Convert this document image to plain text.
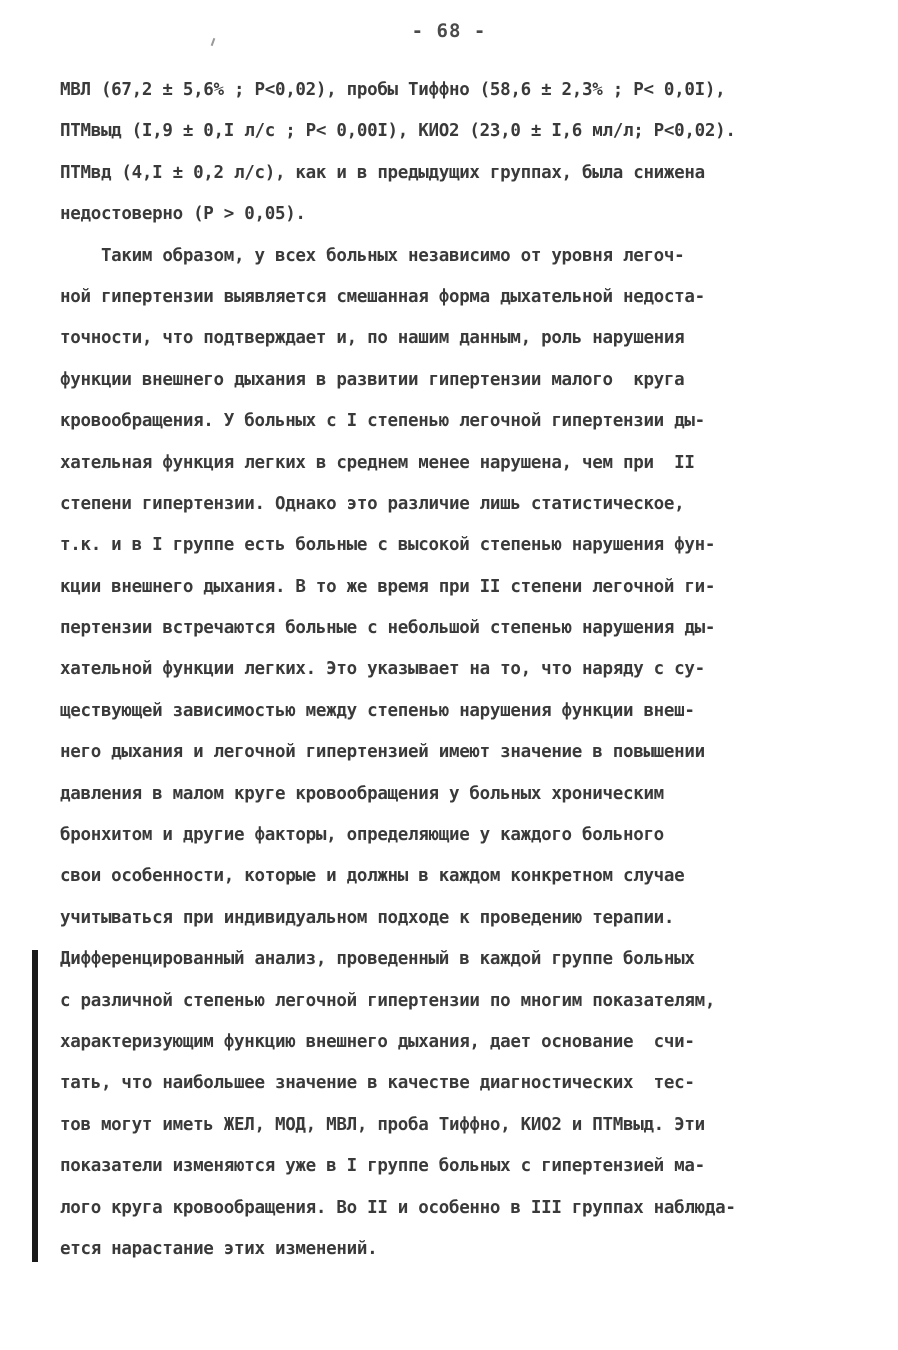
- 68 -
МВЛ (67,2 ± 5,6% ; P<0,02), пробы Тиффно (58,6 ± 2,3% ; P< 0,0I),
ПТМвыд (I,9 ± 0,I л/с ; P< 0,00I), КИО2 (23,0 ± I,6 мл/л; P<0,02).
ПТМвд (4,I ± 0,2 л/с), как и в предыдущих группах, была снижена
недостоверно (P > 0,05).
Таким образом, у всех больных независимо от уровня легоч-
ной гипертензии выявляется смешанная форма дыхательной недоста-
точности, что подтверждает и, по нашим данным, роль нарушения
функции внешнего дыхания в развитии гипертензии малого  круга
кровообращения. У больных с I степенью легочной гипертензии ды-
хательная функция легких в среднем менее нарушена, чем при  II
степени гипертензии. Однако это различие лишь статистическое,
т.к. и в I группе есть больные с высокой степенью нарушения фун-
кции внешнего дыхания. В то же время при II степени легочной ги-
пертензии встречаются больные с небольшой степенью нарушения ды-
хательной функции легких. Это указывает на то, что наряду с су-
ществующей зависимостью между степенью нарушения функции внеш-
него дыхания и легочной гипертензией имеют значение в повышении
давления в малом круге кровообращения у больных хроническим
бронхитом и другие факторы, определяющие у каждого больного
свои особенности, которые и должны в каждом конкретном случае
учитываться при индивидуальном подходе к проведению терапии.
Дифференцированный анализ, проведенный в каждой группе больных
с различной степенью легочной гипертензии по многим показателям,
характеризующим функцию внешнего дыхания, дает основание  счи-
тать, что наибольшее значение в качестве диагностических  тес-
тов могут иметь ЖЕЛ, МОД, МВЛ, проба Тиффно, КИО2 и ПТМвыд. Эти
показатели изменяются уже в I группе больных с гипертензией ма-
лого круга кровообращения. Во II и особенно в III группах наблюда-
ется нарастание этих изменений.
